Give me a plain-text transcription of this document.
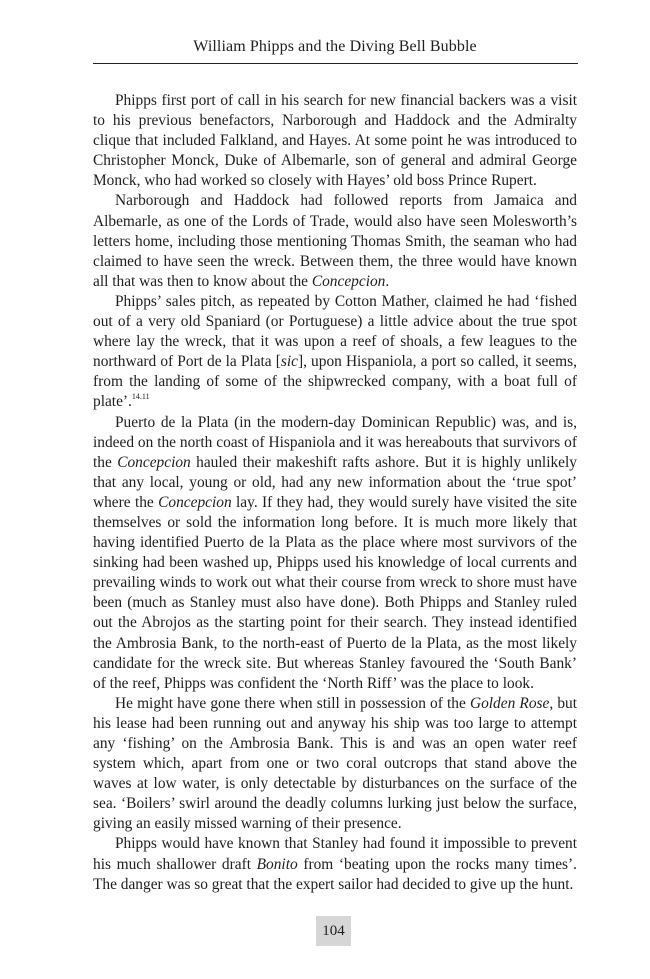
William Phipps and the Diving Bell Bubble

Phipps first port of call in his search for new financial backers was a visit to his previous benefactors, Narborough and Haddock and the Admiralty clique that included Falkland, and Hayes. At some point he was introduced to Christopher Monck, Duke of Albemarle, son of general and admiral George Monck, who had worked so closely with Hayes’ old boss Prince Rupert.

Narborough and Haddock had followed reports from Jamaica and Albemarle, as one of the Lords of Trade, would also have seen Molesworth’s letters home, including those mentioning Thomas Smith, the seaman who had claimed to have seen the wreck. Between them, the three would have known all that was then to know about the Concepcion.

Phipps’ sales pitch, as repeated by Cotton Mather, claimed he had ‘fished out of a very old Spaniard (or Portuguese) a little advice about the true spot where lay the wreck, that it was upon a reef of shoals, a few leagues to the northward of Port de la Plata [sic], upon Hispaniola, a port so called, it seems, from the landing of some of the shipwrecked company, with a boat full of plate’.$^{14.11}$

Puerto de la Plata (in the modern-day Dominican Republic) was, and is, indeed on the north coast of Hispaniola and it was hereabouts that survivors of the Concepcion hauled their makeshift rafts ashore. But it is highly unlikely that any local, young or old, had any new information about the ‘true spot’ where the Concepcion lay. If they had, they would surely have visited the site themselves or sold the information long before. It is much more likely that having identified Puerto de la Plata as the place where most survivors of the sinking had been washed up, Phipps used his knowledge of local currents and prevailing winds to work out what their course from wreck to shore must have been (much as Stanley must also have done). Both Phipps and Stanley ruled out the Abrojos as the starting point for their search. They instead identified the Ambrosia Bank, to the north-east of Puerto de la Plata, as the most likely candidate for the wreck site. But whereas Stanley favoured the ‘South Bank’ of the reef, Phipps was confident the ‘North Riff’ was the place to look.

He might have gone there when still in possession of the Golden Rose, but his lease had been running out and anyway his ship was too large to attempt any ‘fishing’ on the Ambrosia Bank. This is and was an open water reef system which, apart from one or two coral outcrops that stand above the waves at low water, is only detectable by disturbances on the surface of the sea. ‘Boilers’ swirl around the deadly columns lurking just below the surface, giving an easily missed warning of their presence.

Phipps would have known that Stanley had found it impossible to prevent his much shallower draft Bonito from ‘beating upon the rocks many times’. The danger was so great that the expert sailor had decided to give up the hunt.

104
